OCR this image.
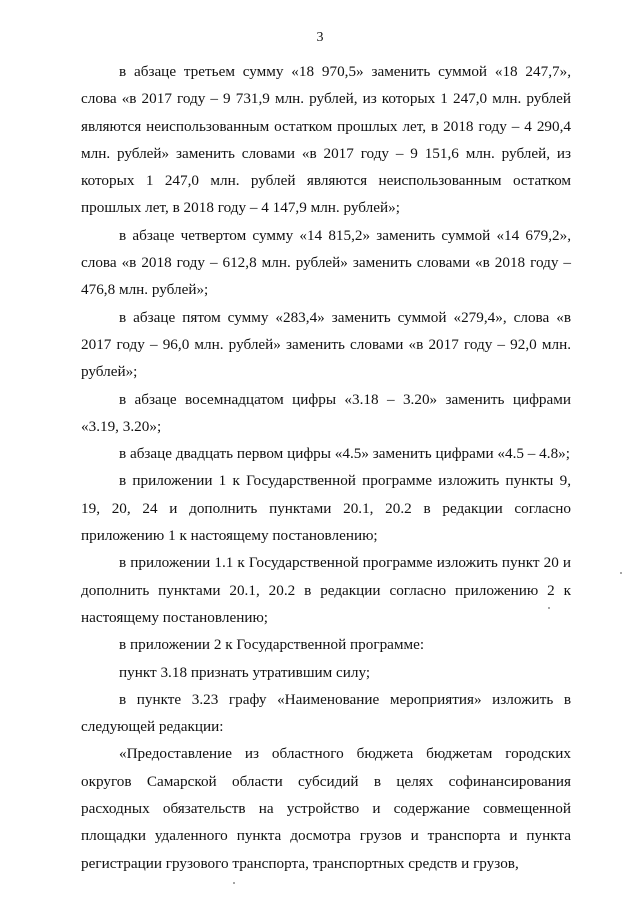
3

в абзаце третьем сумму «18 970,5» заменить суммой «18 247,7», слова «в 2017 году – 9 731,9 млн. рублей, из которых 1 247,0 млн. рублей являются неиспользованным остатком прошлых лет, в 2018 году – 4 290,4 млн. рублей» заменить словами «в 2017 году – 9 151,6 млн. рублей, из которых 1 247,0 млн. рублей являются неиспользованным остатком прошлых лет, в 2018 году – 4 147,9 млн. рублей»;

в абзаце четвертом сумму «14 815,2» заменить суммой «14 679,2», слова «в 2018 году – 612,8 млн. рублей» заменить словами «в 2018 году – 476,8 млн. рублей»;

в абзаце пятом сумму «283,4» заменить суммой «279,4», слова «в 2017 году – 96,0 млн. рублей» заменить словами «в 2017 году – 92,0 млн. рублей»;

в абзаце восемнадцатом цифры «3.18 – 3.20» заменить цифрами «3.19, 3.20»;

в абзаце двадцать первом цифры «4.5» заменить цифрами «4.5 – 4.8»;

в приложении 1 к Государственной программе изложить пункты 9, 19, 20, 24 и дополнить пунктами 20.1, 20.2 в редакции согласно приложению 1 к настоящему постановлению;

в приложении 1.1 к Государственной программе изложить пункт 20 и дополнить пунктами 20.1, 20.2 в редакции согласно приложению 2 к настоящему постановлению;

в приложении 2 к Государственной программе:

пункт 3.18 признать утратившим силу;

в пункте 3.23 графу «Наименование мероприятия» изложить в следующей редакции:

«Предоставление из областного бюджета бюджетам городских округов Самарской области субсидий в целях софинансирования расходных обязательств на устройство и содержание совмещенной площадки удаленного пункта досмотра грузов и транспорта и пункта регистрации грузового транспорта, транспортных средств и грузов,
